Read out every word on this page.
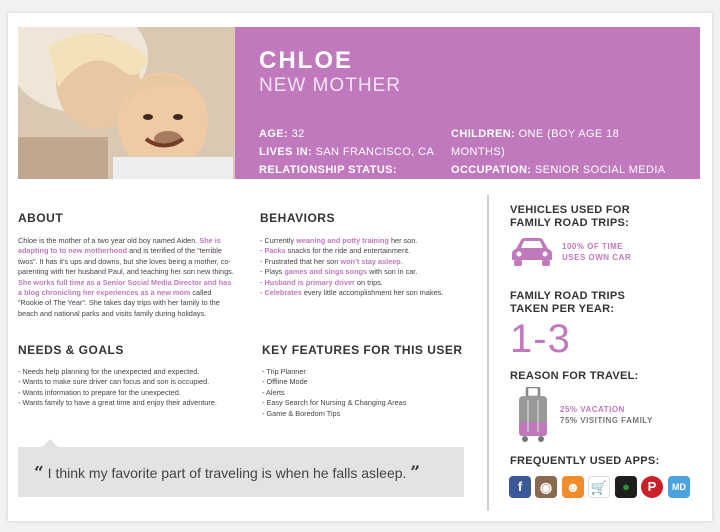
CHLOE
NEW MOTHER
AGE: 32
LIVES IN: SAN FRANCISCO, CA
RELATIONSHIP STATUS: MARRIED
CHILDREN: ONE (BOY AGE 18 MONTHS)
OCCUPATION: SENIOR SOCIAL MEDIA DIRECTOR FOR A DIGITAL AD AGENCY
ABOUT
Chloe is the mother of a two year old boy named Aiden. She is adapting to to new motherhood and is terrified of the “terrible twos”. It has it’s ups and downs, but she loves being a mother, co-parenting with her husband Paul, and teaching her son new things. She works full time as a Senior Social Media Director and has a blog chronicling her experiences as a new mom called “Rookie of The Year”. She takes day trips with her family to the beach and national parks and visits family during holidays.
BEHAVIORS
- Currently weaning and potty training her son.
- Packs snacks for the ride and entertainment.
- Frustrated that her son won’t stay asleep.
- Plays games and sings songs with son in car.
- Husband is primary driver on trips.
- Celebrates every little accomplishment her son makes.
NEEDS & GOALS
- Needs help planning for the unexpected and expected.
- Wants to make sure driver can focus and son is occupied.
- Wants information to prepare for the unexpected.
- Wants family to have a great time and enjoy their adventure.
KEY FEATURES FOR THIS USER
- Trip Planner
- Offline Mode
- Alerts
- Easy Search for Nursing & Changing Areas
- Game & Boredom Tips
“ I think my favorite part of traveling is when he falls asleep. ”
VEHICLES USED FOR
FAMILY ROAD TRIPS:
100% OF TIME
USES OWN CAR
FAMILY ROAD TRIPS
TAKEN PER YEAR:
1-3
REASON FOR TRAVEL:
25% VACATION
75% VISITING FAMILY
FREQUENTLY USED APPS:
f	◉ ☻ 🛒	●	P	MD
